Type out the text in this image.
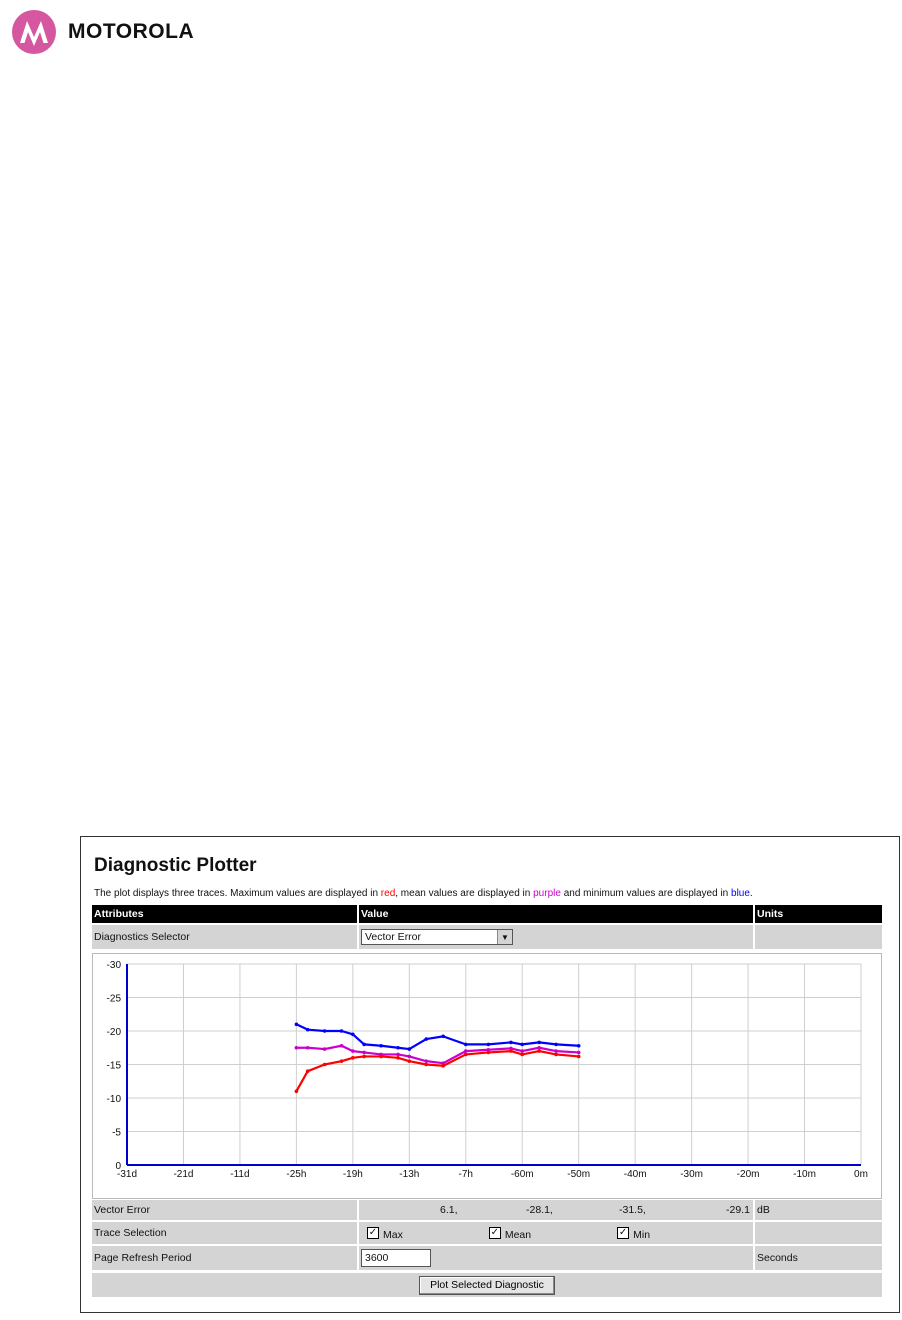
MOTOROLA
Diagnostic Plotter
The plot displays three traces. Maximum values are displayed in red, mean values are displayed in purple and minimum values are displayed in blue.
Attributes	Value	Units
Diagnostics Selector	Vector Error	▼
0
-5
-10
-15
-20
-25
-30
-31d	-21d	-11d	-25h	-19h	-13h	-7h	-60m	-50m	-40m	-30m	-20m	-10m	0m
Vector Error	6.1,	-28.1,	-31.5,	-29.1 dB
Trace Selection	✓ Max	✓ Mean	✓ Min
Page Refresh Period	3600	Seconds
Plot Selected Diagnostic
